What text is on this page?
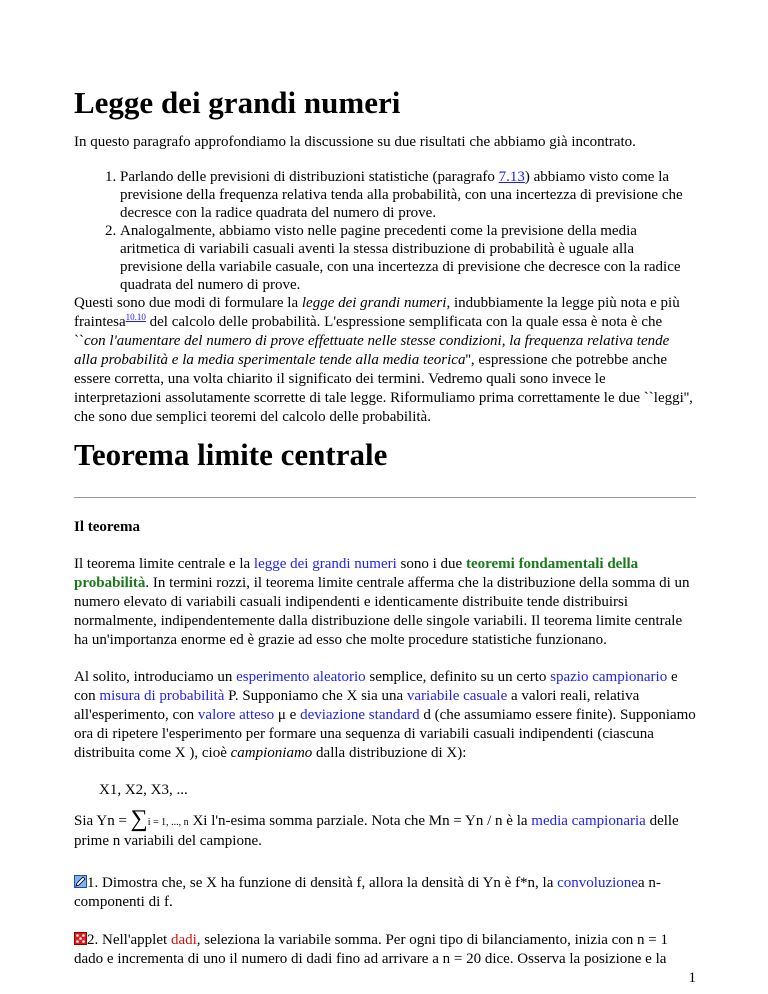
Legge dei grandi numeri

In questo paragrafo approfondiamo la discussione su due risultati che abbiamo già incontrato.

1. Parlando delle previsioni di distribuzioni statistiche (paragrafo 7.13) abbiamo visto come la previsione della frequenza relativa tenda alla probabilità, con una incertezza di previsione che decresce con la radice quadrata del numero di prove.
2. Analogalmente, abbiamo visto nelle pagine precedenti come la previsione della media aritmetica di variabili casuali aventi la stessa distribuzione di probabilità è uguale alla previsione della variabile casuale, con una incertezza di previsione che decresce con la radice quadrata del numero di prove.

Questi sono due modi di formulare la legge dei grandi numeri, indubbiamente la legge più nota e più fraintesa$^{10.10}$ del calcolo delle probabilità. L'espressione semplificata con la quale essa è nota è che ``con l'aumentare del numero di prove effettuate nelle stesse condizioni, la frequenza relativa tende alla probabilità e la media sperimentale tende alla media teorica'', espressione che potrebbe anche essere corretta, una volta chiarito il significato dei termini. Vedremo quali sono invece le interpretazioni assolutamente scorrette di tale legge. Riformuliamo prima correttamente le due ``leggi'', che sono due semplici teoremi del calcolo delle probabilità.

Teorema limite centrale

Il teorema

Il teorema limite centrale e la legge dei grandi numeri sono i due teoremi fondamentali della probabilità. In termini rozzi, il teorema limite centrale afferma che la distribuzione della somma di un numero elevato di variabili casuali indipendenti e identicamente distribuite tende distribuirsi normalmente, indipendentemente dalla distribuzione delle singole variabili. Il teorema limite centrale ha un'importanza enorme ed è grazie ad esso che molte procedure statistiche funzionano.

Al solito, introduciamo un esperimento aleatorio semplice, definito su un certo spazio campionario e con misura di probabilità P. Supponiamo che X sia una variabile casuale a valori reali, relativa all'esperimento, con valore atteso μ e deviazione standard d (che assumiamo essere finite). Supponiamo ora di ripetere l'esperimento per formare una sequenza di variabili casuali indipendenti (ciascuna distribuita come X ), cioè campioniamo dalla distribuzione di X):

X1, X2, X3, ...

Sia Yn = ∑i = 1, ..., n Xi l'n-esima somma parziale. Nota che Mn = Yn / n è la media campionaria delle prime n variabili del campione.

1. Dimostra che, se X ha funzione di densità f, allora la densità di Yn è f*n, la convoluzionea n-componenti di f.

2. Nell'applet dadi, seleziona la variabile somma. Per ogni tipo di bilanciamento, inizia con n = 1 dado e incrementa di uno il numero di dadi fino ad arrivare a n = 20 dice. Osserva la posizione e la

1
